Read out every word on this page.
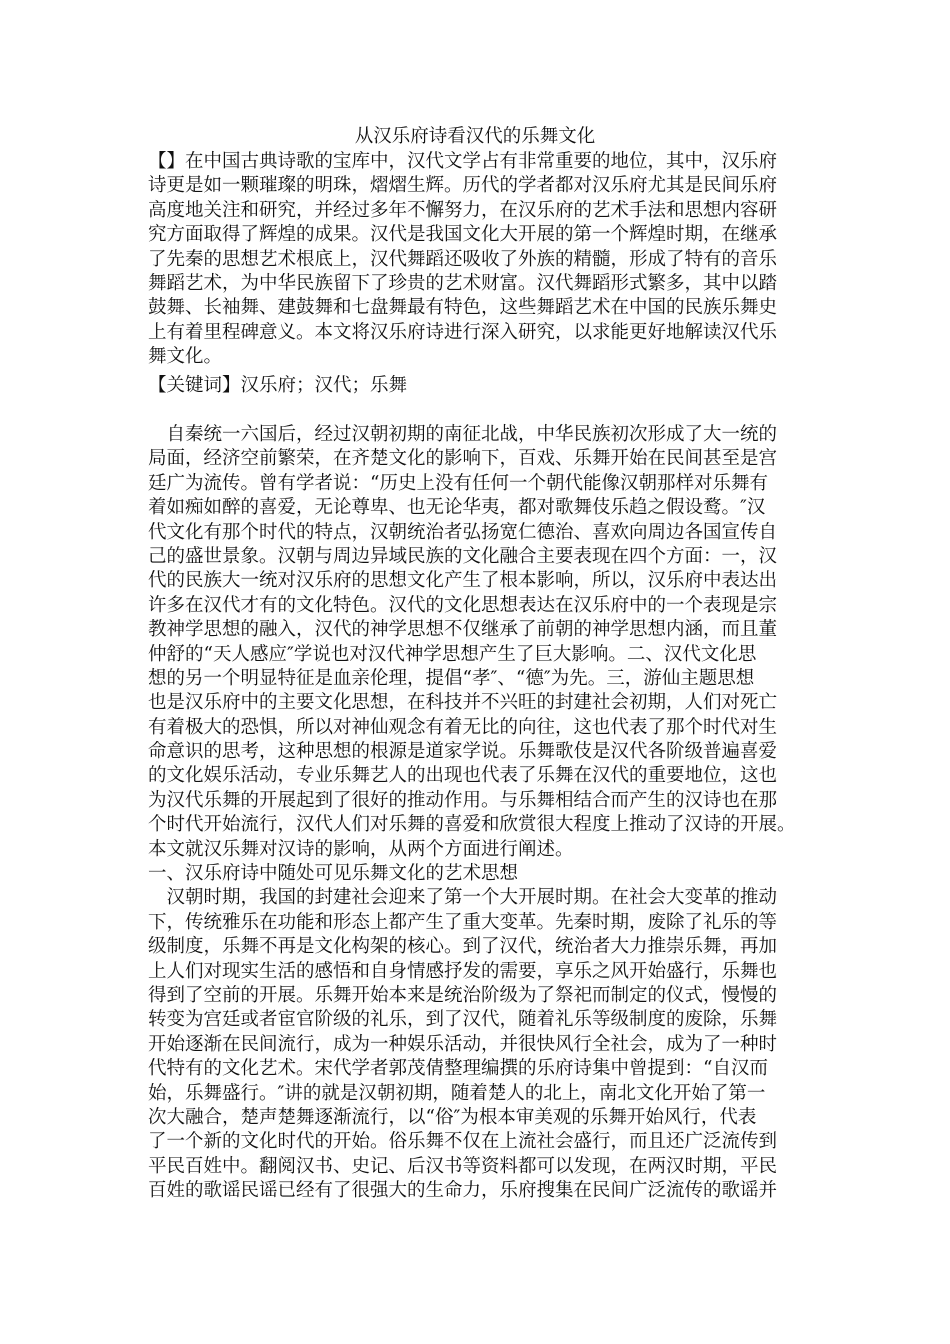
从汉乐府诗看汉代的乐舞文化
【】在中国古典诗歌的宝库中，汉代文学占有非常重要的地位，其中，汉乐府
诗更是如一颗璀璨的明珠，熠熠生辉。历代的学者都对汉乐府尤其是民间乐府
高度地关注和研究，并经过多年不懈努力，在汉乐府的艺术手法和思想内容研
究方面取得了辉煌的成果。汉代是我国文化大开展的第一个辉煌时期，在继承
了先秦的思想艺术根底上，汉代舞蹈还吸收了外族的精髓，形成了特有的音乐
舞蹈艺术，为中华民族留下了珍贵的艺术财富。汉代舞蹈形式繁多，其中以踏
鼓舞、长袖舞、建鼓舞和七盘舞最有特色，这些舞蹈艺术在中国的民族乐舞史
上有着里程碑意义。本文将汉乐府诗进行深入研究，以求能更好地解读汉代乐
舞文化。
【关键词】汉乐府；汉代；乐舞
　自秦统一六国后，经过汉朝初期的南征北战，中华民族初次形成了大一统的
局面，经济空前繁荣，在齐楚文化的影响下，百戏、乐舞开始在民间甚至是宫
廷广为流传。曾有学者说：“历史上没有任何一个朝代能像汉朝那样对乐舞有
着如痴如醉的喜爱，无论尊卑、也无论华夷，都对歌舞伎乐趋之假设鹜。″汉
代文化有那个时代的特点，汉朝统治者弘扬宽仁德治、喜欢向周边各国宣传自
己的盛世景象。汉朝与周边异域民族的文化融合主要表现在四个方面：一，汉
代的民族大一统对汉乐府的思想文化产生了根本影响，所以，汉乐府中表达出
许多在汉代才有的文化特色。汉代的文化思想表达在汉乐府中的一个表现是宗
教神学思想的融入，汉代的神学思想不仅继承了前朝的神学思想内涵，而且董
仲舒的“天人感应″学说也对汉代神学思想产生了巨大影响。二、汉代文化思
想的另一个明显特征是血亲伦理，提倡“孝″、“德″为先。三，游仙主题思想
也是汉乐府中的主要文化思想，在科技并不兴旺的封建社会初期，人们对死亡
有着极大的恐惧，所以对神仙观念有着无比的向往，这也代表了那个时代对生
命意识的思考，这种思想的根源是道家学说。乐舞歌伎是汉代各阶级普遍喜爱
的文化娱乐活动，专业乐舞艺人的出现也代表了乐舞在汉代的重要地位，这也
为汉代乐舞的开展起到了很好的推动作用。与乐舞相结合而产生的汉诗也在那
个时代开始流行，汉代人们对乐舞的喜爱和欣赏很大程度上推动了汉诗的开展。
本文就汉乐舞对汉诗的影响，从两个方面进行阐述。
一、汉乐府诗中随处可见乐舞文化的艺术思想
　汉朝时期，我国的封建社会迎来了第一个大开展时期。在社会大变革的推动
下，传统雅乐在功能和形态上都产生了重大变革。先秦时期，废除了礼乐的等
级制度，乐舞不再是文化构架的核心。到了汉代，统治者大力推崇乐舞，再加
上人们对现实生活的感悟和自身情感抒发的需要，享乐之风开始盛行，乐舞也
得到了空前的开展。乐舞开始本来是统治阶级为了祭祀而制定的仪式，慢慢的
转变为宫廷或者宦官阶级的礼乐，到了汉代，随着礼乐等级制度的废除，乐舞
开始逐渐在民间流行，成为一种娱乐活动，并很快风行全社会，成为了一种时
代特有的文化艺术。宋代学者郭茂倩整理编撰的乐府诗集中曾提到：“自汉而
始，乐舞盛行。″讲的就是汉朝初期，随着楚人的北上，南北文化开始了第一
次大融合，楚声楚舞逐渐流行，以“俗″为根本审美观的乐舞开始风行，代表
了一个新的文化时代的开始。俗乐舞不仅在上流社会盛行，而且还广泛流传到
平民百姓中。翻阅汉书、史记、后汉书等资料都可以发现，在两汉时期，平民
百姓的歌谣民谣已经有了很强大的生命力，乐府搜集在民间广泛流传的歌谣并
